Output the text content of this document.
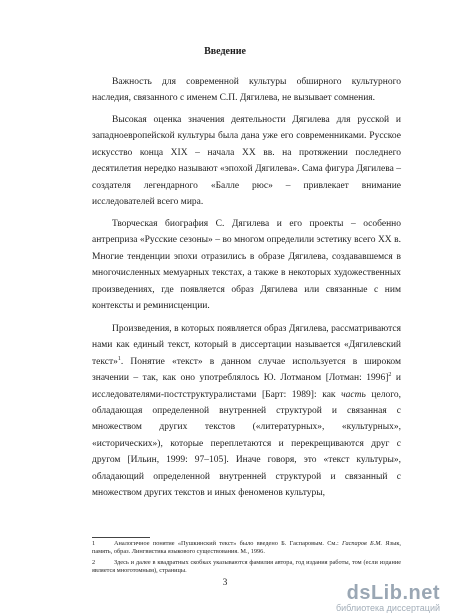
Введение

Важность для современной культуры обширного культурного наследия, связанного с именем С.П. Дягилева, не вызывает сомнения.

Высокая оценка значения деятельности Дягилева для русской и западноевропейской культуры была дана уже его современниками. Русское искусство конца XIX – начала XX вв. на протяжении последнего десятилетия нередко называют «эпохой Дягилева». Сама фигура Дягилева – создателя легендарного «Балле рюс» – привлекает внимание исследователей всего мира.

Творческая биография С. Дягилева и его проекты – особенно антреприза «Русские сезоны» – во многом определили эстетику всего XX в. Многие тенденции эпохи отразились в образе Дягилева, создававшемся в многочисленных мемуарных текстах, а также в некоторых художественных произведениях, где появляется образ Дягилева или связанные с ним контексты и реминисценции.

Произведения, в которых появляется образ Дягилева, рассматриваются нами как единый текст, который в диссертации называется «Дягилевский текст»$^1$. Понятие «текст» в данном случае используется в широком значении – так, как оно употреблялось Ю. Лотманом [Лотман: 1996]$^2$ и исследователями-постструктуралистами [Барт: 1989]: как часть целого, обладающая определенной внутренней структурой и связанная с множеством других текстов («литературных», «культурных», «исторических»), которые переплетаются и перекрещиваются друг с другом [Ильин, 1999: 97–105]. Иначе говоря, это «текст культуры», обладающий определенной внутренней структурой и связанный с множеством других текстов и иных феноменов культуры,

1	Аналогичное понятие «Пушкинский текст» было введено Б. Гаспаровым. См.: Гаспаров Б.М. Язык, память, образ. Лингвистика языкового существования. М., 1996.

2	Здесь и далее в квадратных скобках указываются фамилия автора, год издания работы, том (если издание является многотомным), страницы.

3	dsLib.net
библиотека диссертаций
